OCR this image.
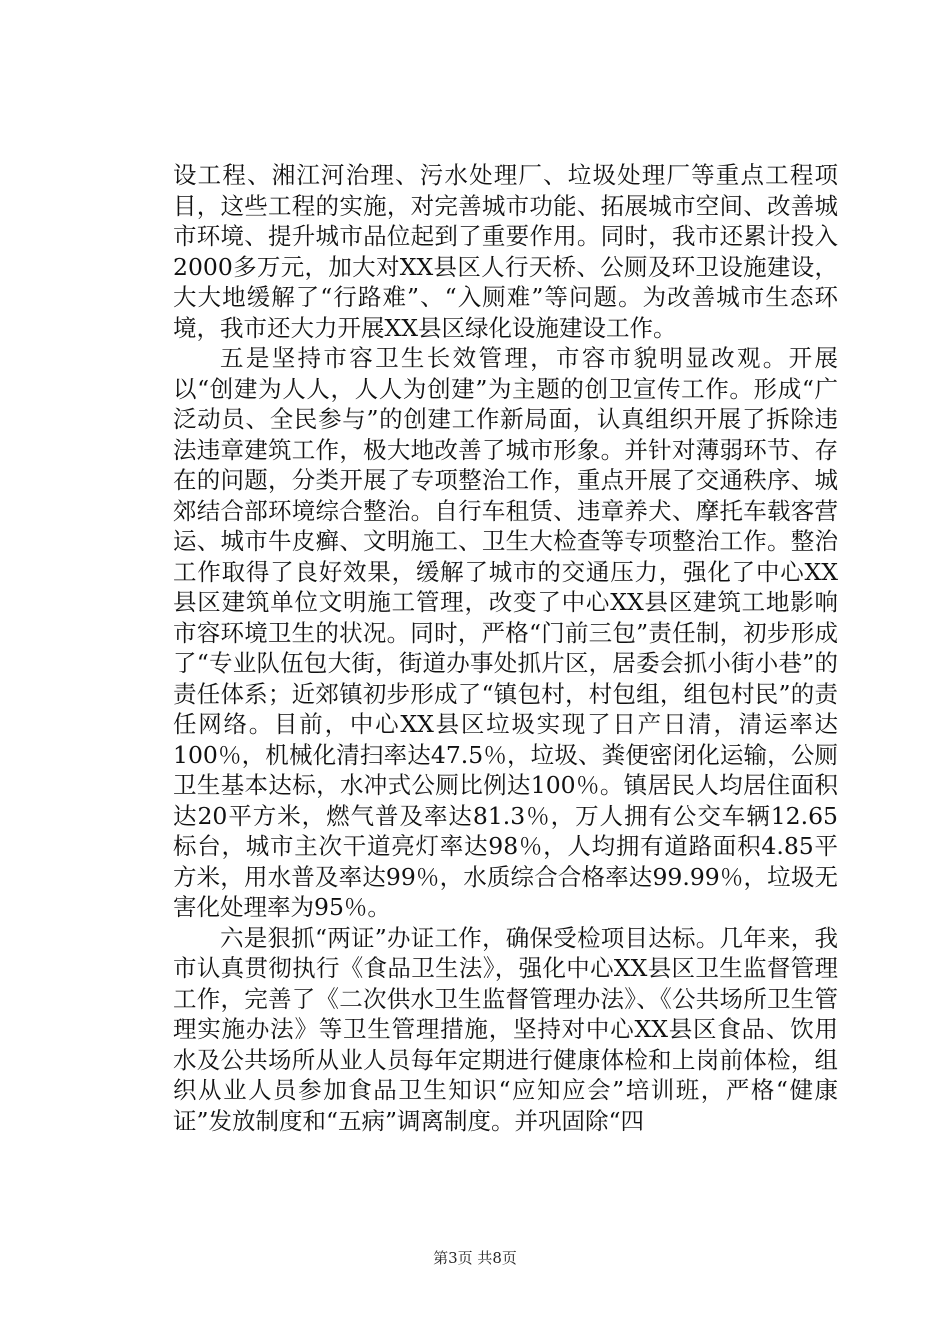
设工程、湘江河治理、污水处理厂、垃圾处理厂等重点工程项目，这些工程的实施，对完善城市功能、拓展城市空间、改善城市环境、提升城市品位起到了重要作用。同时，我市还累计投入2000多万元，加大对XX县区人行天桥、公厕及环卫设施建设，大大地缓解了“行路难”、“入厕难”等问题。为改善城市生态环境，我市还大力开展XX县区绿化设施建设工作。

五是坚持市容卫生长效管理，市容市貌明显改观。开展以“创建为人人，人人为创建”为主题的创卫宣传工作。形成“广泛动员、全民参与”的创建工作新局面，认真组织开展了拆除违法违章建筑工作，极大地改善了城市形象。并针对薄弱环节、存在的问题，分类开展了专项整治工作，重点开展了交通秩序、城郊结合部环境综合整治。自行车租赁、违章养犬、摩托车载客营运、城市牛皮癣、文明施工、卫生大检查等专项整治工作。整治工作取得了良好效果，缓解了城市的交通压力，强化了中心XX县区建筑单位文明施工管理，改变了中心XX县区建筑工地影响市容环境卫生的状况。同时，严格“门前三包”责任制，初步形成了“专业队伍包大街，街道办事处抓片区，居委会抓小街小巷”的责任体系；近郊镇初步形成了“镇包村，村包组，组包村民”的责任网络。目前，中心XX县区垃圾实现了日产日清，清运率达100％，机械化清扫率达47.5％，垃圾、粪便密闭化运输，公厕卫生基本达标，水冲式公厕比例达100％。镇居民人均居住面积达20平方米，燃气普及率达81.3％，万人拥有公交车辆12.65标台，城市主次干道亮灯率达98％，人均拥有道路面积4.85平方米，用水普及率达99％，水质综合合格率达99.99％，垃圾无害化处理率为95％。

六是狠抓“两证”办证工作，确保受检项目达标。几年来，我市认真贯彻执行《食品卫生法》，强化中心XX县区卫生监督管理工作，完善了《二次供水卫生监督管理办法》、《公共场所卫生管理实施办法》等卫生管理措施，坚持对中心XX县区食品、饮用水及公共场所从业人员每年定期进行健康体检和上岗前体检，组织从业人员参加食品卫生知识“应知应会”培训班，严格“健康证”发放制度和“五病”调离制度。并巩固除“四

第3页 共8页
